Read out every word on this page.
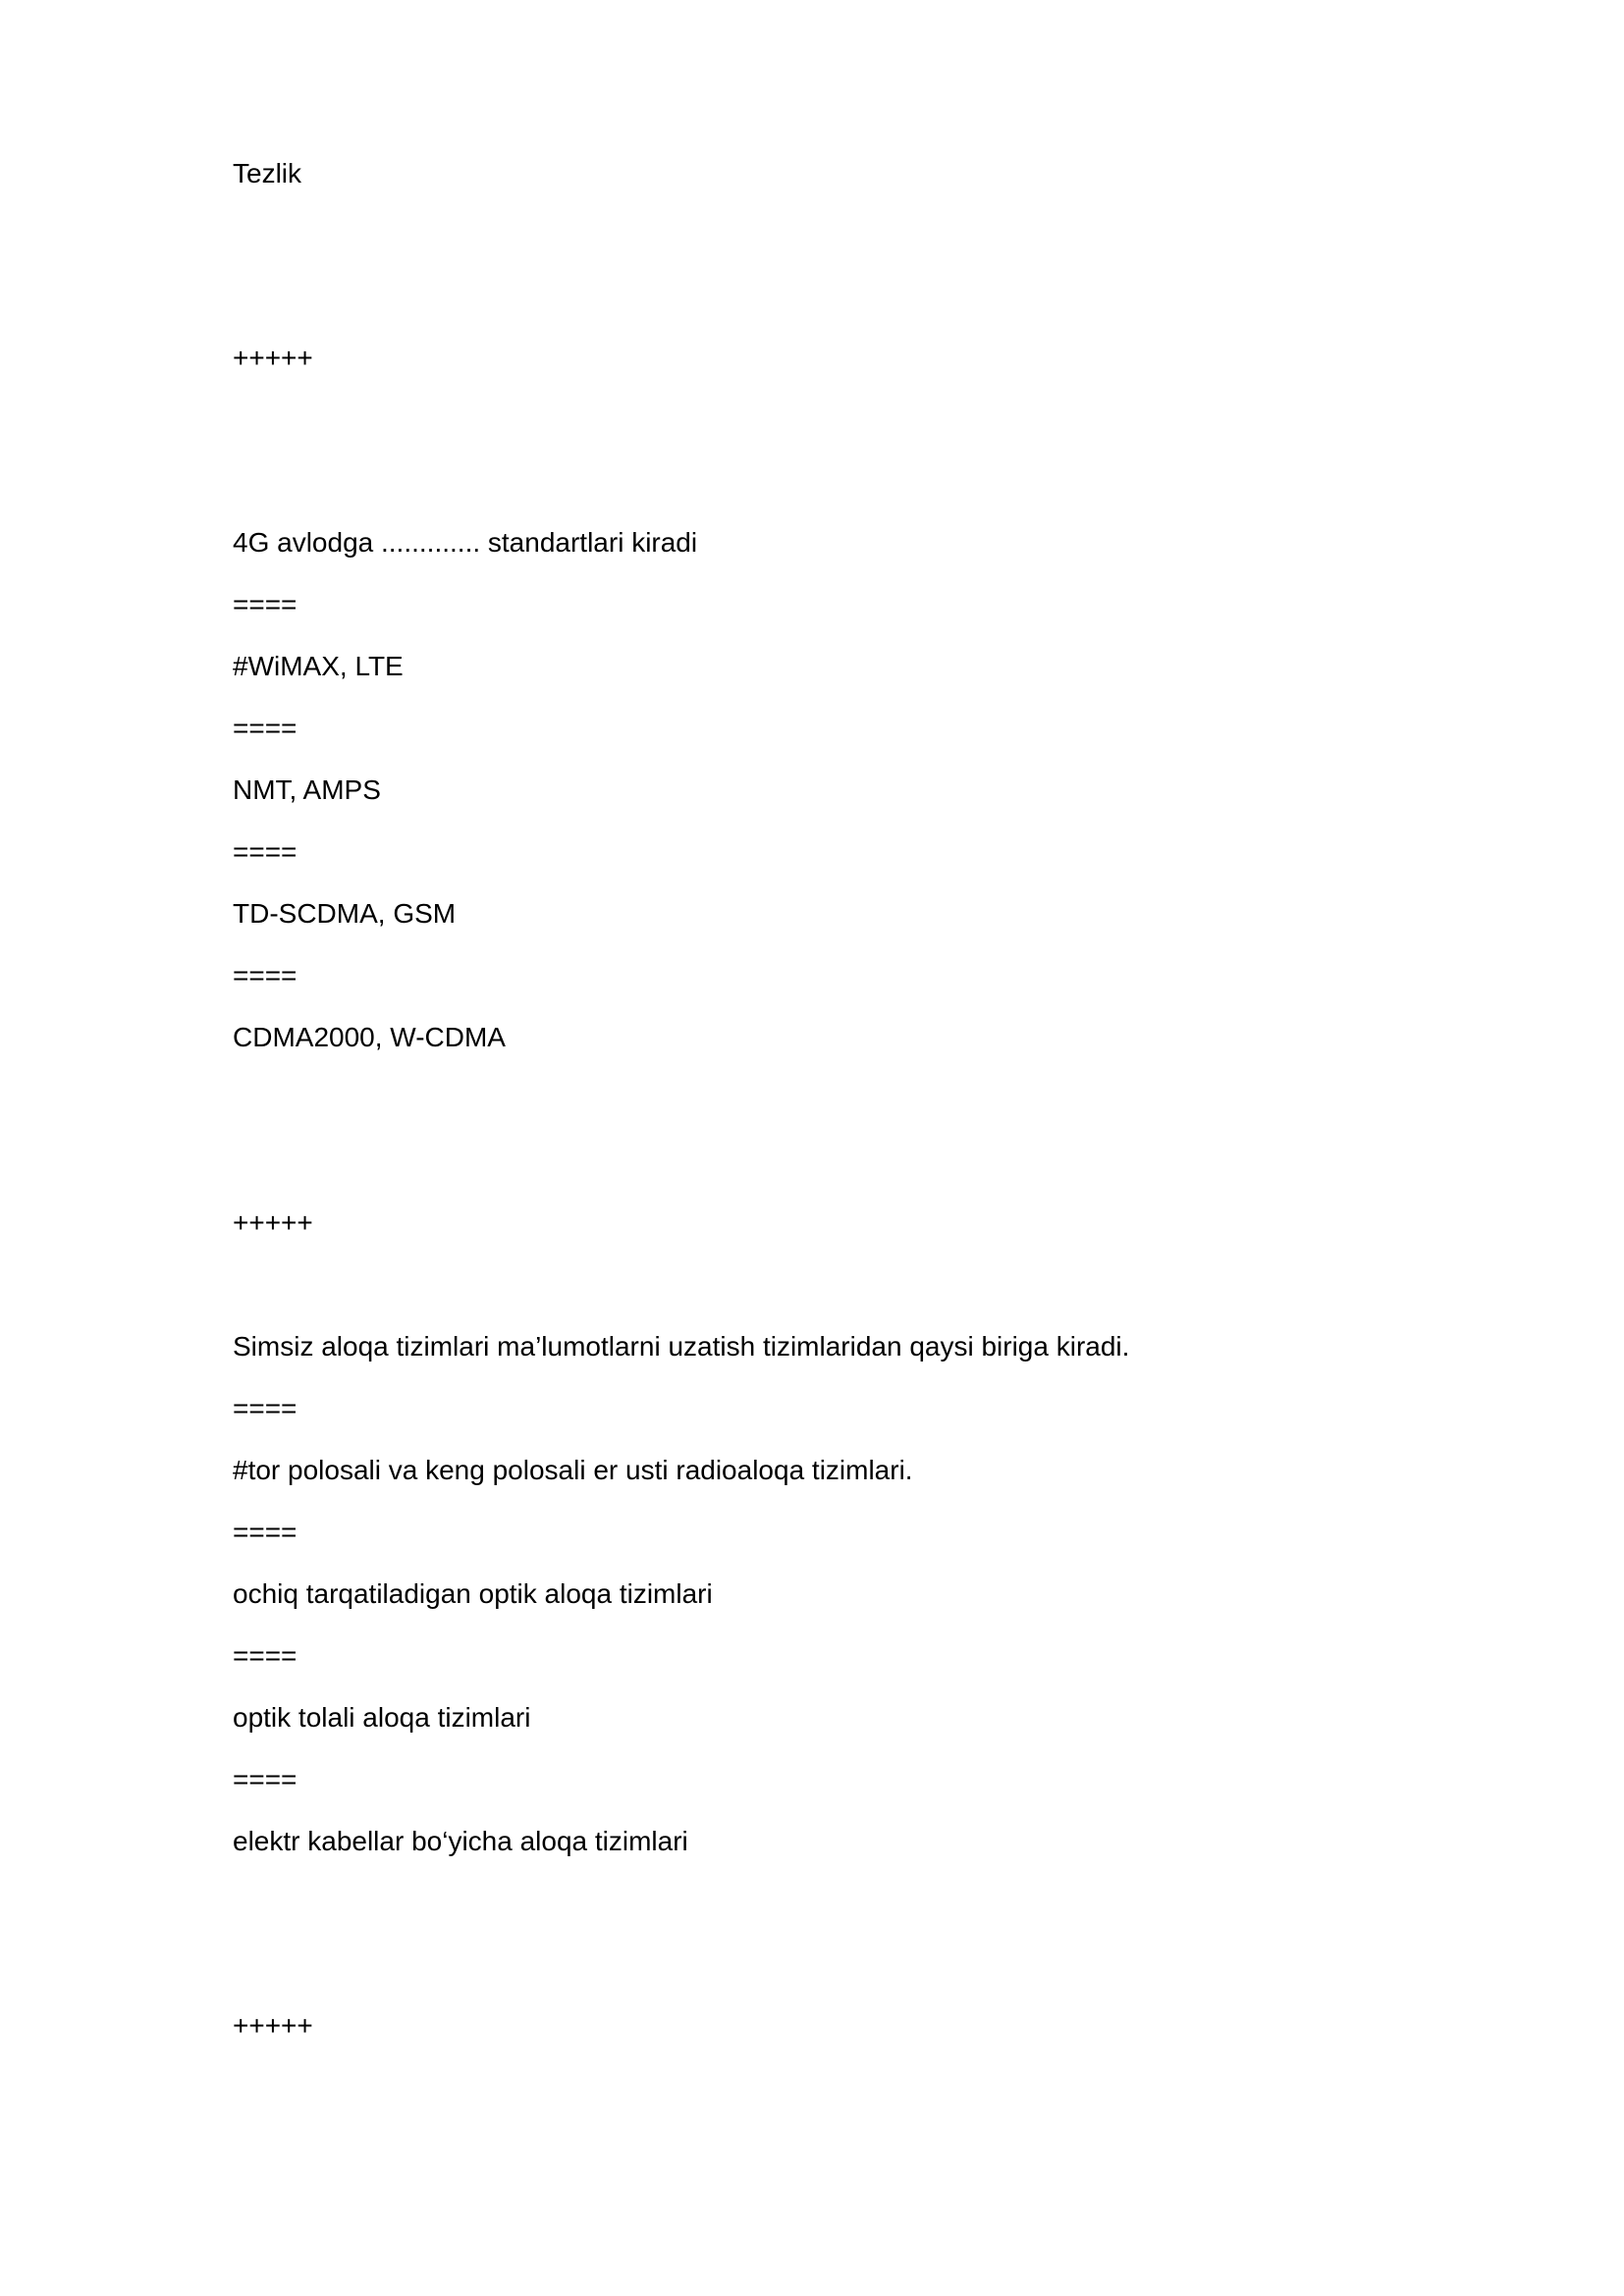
Tezlik
+++++
4G avlodga ............. standartlari kiradi
====
#WiMAX, LTE
====
NMT, AMPS
====
TD-SCDMA, GSM
====
CDMA2000, W-CDMA
+++++
Simsiz aloqa tizimlari ma’lumotlarni uzatish tizimlaridan qaysi biriga kiradi.
====
#tor polosali va keng polosali er usti radioaloqa tizimlari.
====
ochiq tarqatiladigan optik aloqa tizimlari
====
optik tolali aloqa tizimlari
====
elektr kabellar bo‘yicha aloqa tizimlari
+++++
